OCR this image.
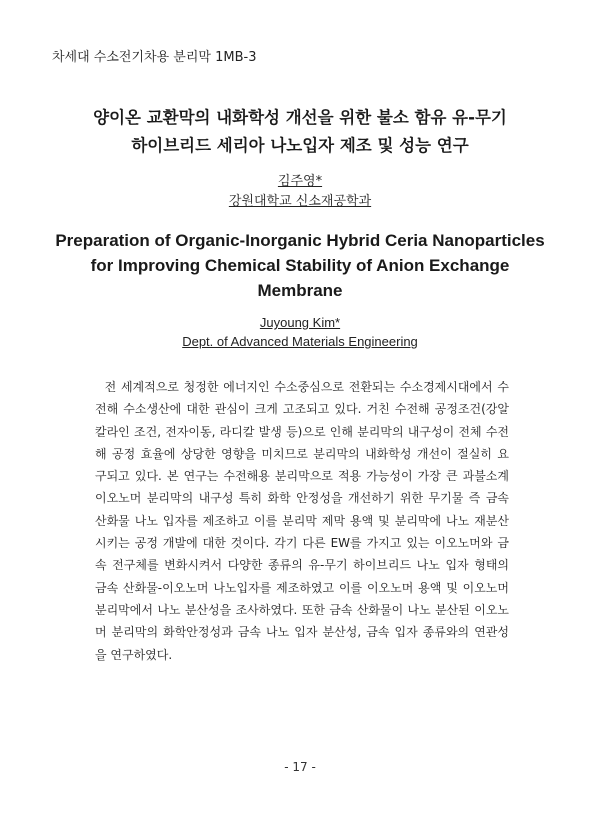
차세대 수소전기차용 분리막 1MB-3
양이온 교환막의 내화학성 개선을 위한 불소 함유 유-무기
하이브리드 세리아 나노입자 제조 및 성능 연구
김주영*
강원대학교 신소재공학과
Preparation of Organic-Inorganic Hybrid Ceria Nanoparticles
for Improving Chemical Stability of Anion Exchange
Membrane
Juyoung Kim*
Dept. of Advanced Materials Engineering
전 세계적으로 청정한 에너지인 수소중심으로 전환되는 수소경제시대에서 수
전해 수소생산에 대한 관심이 크게 고조되고 있다. 거친 수전해 공정조건(강알
칼라인 조건, 전자이동, 라디칼 발생 등)으로 인해 분리막의 내구성이 전체 수전
해 공정 효율에 상당한 영향을 미치므로 분리막의 내화학성 개선이 절실히 요
구되고 있다. 본 연구는 수전해용 분리막으로 적용 가능성이 가장 큰 과불소계
이오노머 분리막의 내구성 특히 화학 안정성을 개선하기 위한 무기물 즉 금속
산화물 나노 입자를 제조하고 이를 분리막 제막 용액 및 분리막에 나노 재분산
시키는 공정 개발에 대한 것이다. 각기 다른 EW를 가지고 있는 이오노머와 금
속 전구체를 변화시켜서 다양한 종류의 유-무기 하이브리드 나노 입자 형태의
금속 산화물-이오노머 나노입자를 제조하였고 이를 이오노머 용액 및 이오노머
분리막에서 나노 분산성을 조사하였다. 또한 금속 산화물이 나노 분산된 이오노
머 분리막의 화학안정성과 금속 나노 입자 분산성, 금속 입자 종류와의 연관성
을 연구하였다.
- 17 -
